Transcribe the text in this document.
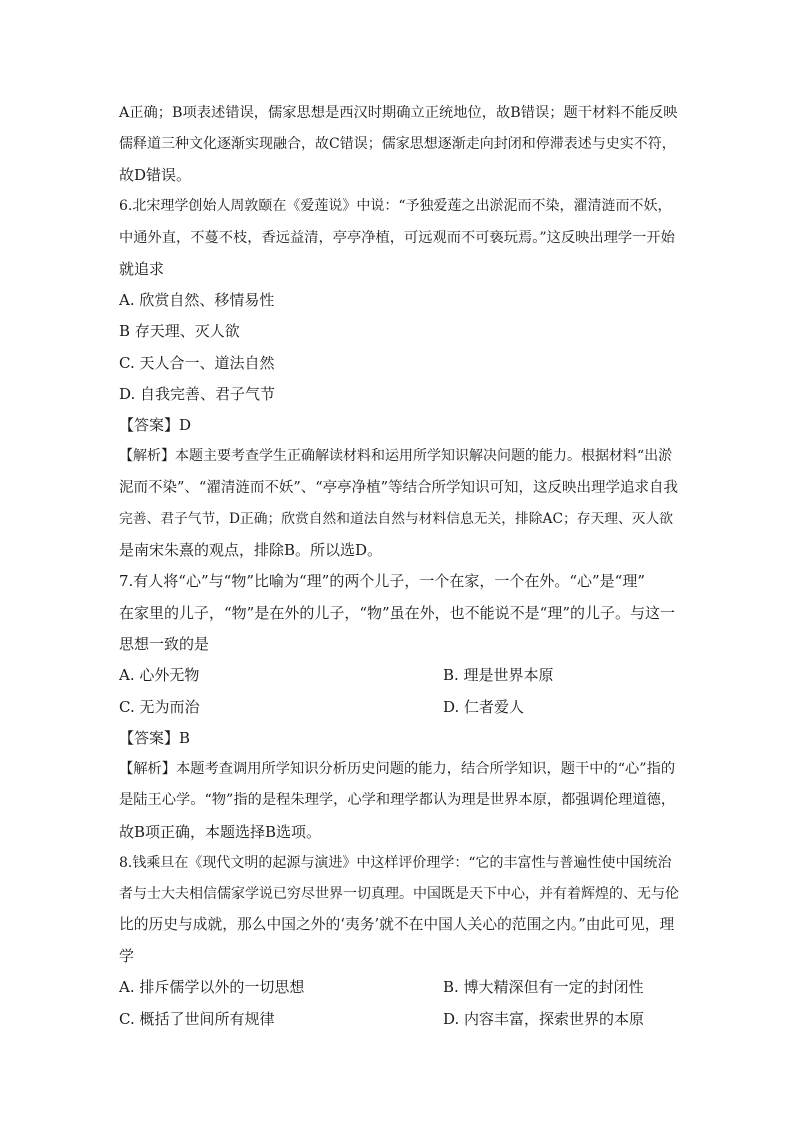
A正确；B项表述错误，儒家思想是西汉时期确立正统地位，故B错误；题干材料不能反映
儒释道三种文化逐渐实现融合，故C错误；儒家思想逐渐走向封闭和停滞表述与史实不符，
故D错误。
6.北宋理学创始人周敦颐在《爱莲说》中说：“予独爱莲之出淤泥而不染，濯清涟而不妖，
中通外直，不蔓不枝，香远益清，亭亭净植，可远观而不可亵玩焉。”这反映出理学一开始
就追求
A. 欣赏自然、移情易性
B 存天理、灭人欲
C. 天人合一、道法自然
D. 自我完善、君子气节
【答案】D
【解析】本题主要考查学生正确解读材料和运用所学知识解决问题的能力。根据材料“出淤
泥而不染”、“濯清涟而不妖”、“亭亭净植”等结合所学知识可知，这反映出理学追求自我
完善、君子气节，D正确；欣赏自然和道法自然与材料信息无关，排除AC；存天理、灭人欲
是南宋朱熹的观点，排除B。所以选D。
7.有人将“心”与“物”比喻为“理”的两个儿子，一个在家，一个在外。“心”是“理”
在家里的儿子，“物”是在外的儿子，“物”虽在外，也不能说不是“理”的儿子。与这一
思想一致的是
A. 心外无物	B. 理是世界本原
C. 无为而治	D. 仁者爱人
【答案】B
【解析】本题考查调用所学知识分析历史问题的能力，结合所学知识，题干中的“心”指的
是陆王心学。“物”指的是程朱理学，心学和理学都认为理是世界本原，都强调伦理道德，
故B项正确，本题选择B选项。
8.钱乘旦在《现代文明的起源与演进》中这样评价理学：“它的丰富性与普遍性使中国统治
者与士大夫相信儒家学说已穷尽世界一切真理。中国既是天下中心，并有着辉煌的、无与伦
比的历史与成就，那么中国之外的‘夷务’就不在中国人关心的范围之内。”由此可见，理
学
A. 排斥儒学以外的一切思想	B. 博大精深但有一定的封闭性
C. 概括了世间所有规律	D. 内容丰富，探索世界的本原
